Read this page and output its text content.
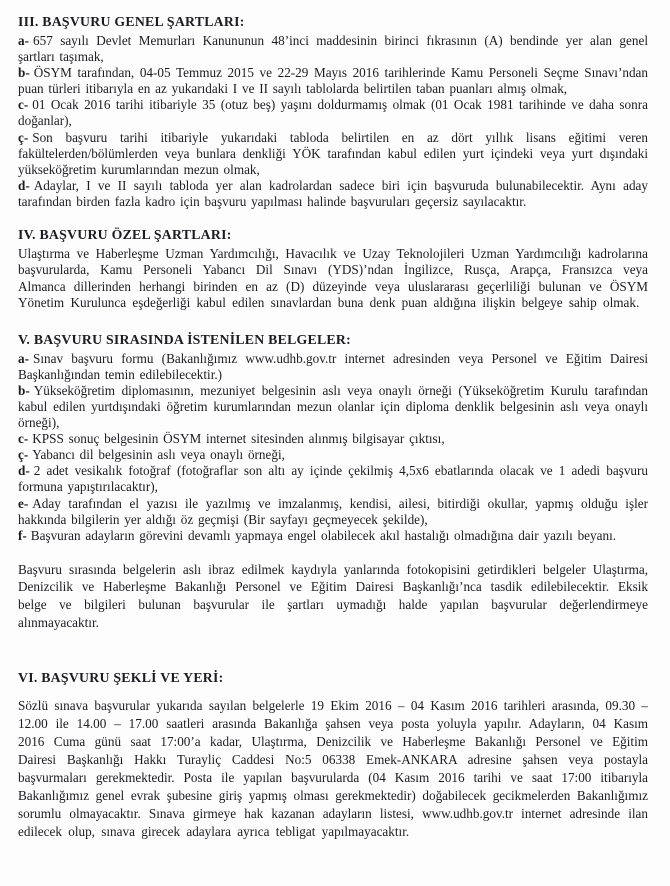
III. BAŞVURU GENEL ŞARTLARI:

a- 657 sayılı Devlet Memurları Kanununun 48’inci maddesinin birinci fıkrasının (A) bendinde yer alan genel şartları taşımak,

b- ÖSYM tarafından, 04-05 Temmuz 2015 ve 22-29 Mayıs 2016 tarihlerinde Kamu Personeli Seçme Sınavı’ndan puan türleri itibarıyla en az yukarıdaki I ve II sayılı tablolarda belirtilen taban puanları almış olmak,

c- 01 Ocak 2016 tarihi itibariyle 35 (otuz beş) yaşını doldurmamış olmak (01 Ocak 1981 tarihinde ve daha sonra doğanlar),

ç- Son başvuru tarihi itibariyle yukarıdaki tabloda belirtilen en az dört yıllık lisans eğitimi veren fakültelerden/bölümlerden veya bunlara denkliği YÖK tarafından kabul edilen yurt içindeki veya yurt dışındaki yükseköğretim kurumlarından mezun olmak,

d- Adaylar, I ve II sayılı tabloda yer alan kadrolardan sadece biri için başvuruda bulunabilecektir. Aynı aday tarafından birden fazla kadro için başvuru yapılması halinde başvuruları geçersiz sayılacaktır.

IV. BAŞVURU ÖZEL ŞARTLARI:

Ulaştırma ve Haberleşme Uzman Yardımcılığı, Havacılık ve Uzay Teknolojileri Uzman Yardımcılığı kadrolarına başvurularda, Kamu Personeli Yabancı Dil Sınavı (YDS)’ndan İngilizce, Rusça, Arapça, Fransızca veya Almanca dillerinden herhangi birinden en az (D) düzeyinde veya uluslararası geçerliliği bulunan ve ÖSYM Yönetim Kurulunca eşdeğerliği kabul edilen sınavlardan buna denk puan aldığına ilişkin belgeye sahip olmak.

V. BAŞVURU SIRASINDA İSTENİLEN BELGELER:

a- Sınav başvuru formu (Bakanlığımız www.udhb.gov.tr internet adresinden veya Personel ve Eğitim Dairesi Başkanlığından temin edilebilecektir.)

b- Yükseköğretim diplomasının, mezuniyet belgesinin aslı veya onaylı örneği (Yükseköğretim Kurulu tarafından kabul edilen yurtdışındaki öğretim kurumlarından mezun olanlar için diploma denklik belgesinin aslı veya onaylı örneği),

c- KPSS sonuç belgesinin ÖSYM internet sitesinden alınmış bilgisayar çıktısı,

ç- Yabancı dil belgesinin aslı veya onaylı örneği,

d- 2 adet vesikalık fotoğraf (fotoğraflar son altı ay içinde çekilmiş 4,5x6 ebatlarında olacak ve 1 adedi başvuru formuna yapıştırılacaktır),

e- Aday tarafından el yazısı ile yazılmış ve imzalanmış, kendisi, ailesi, bitirdiği okullar, yapmış olduğu işler hakkında bilgilerin yer aldığı öz geçmişi (Bir sayfayı geçmeyecek şekilde),

f- Başvuran adayların görevini devamlı yapmaya engel olabilecek akıl hastalığı olmadığına dair yazılı beyanı.

Başvuru sırasında belgelerin aslı ibraz edilmek kaydıyla yanlarında fotokopisini getirdikleri belgeler Ulaştırma, Denizcilik ve Haberleşme Bakanlığı Personel ve Eğitim Dairesi Başkanlığı’nca tasdik edilebilecektir. Eksik belge ve bilgileri bulunan başvurular ile şartları uymadığı halde yapılan başvurular değerlendirmeye alınmayacaktır.

VI. BAŞVURU ŞEKLİ VE YERİ:

Sözlü sınava başvurular yukarıda sayılan belgelerle 19 Ekim 2016 – 04 Kasım 2016 tarihleri arasında, 09.30 – 12.00 ile 14.00 – 17.00 saatleri arasında Bakanlığa şahsen veya posta yoluyla yapılır. Adayların, 04 Kasım 2016 Cuma günü saat 17:00’a kadar, Ulaştırma, Denizcilik ve Haberleşme Bakanlığı Personel ve Eğitim Dairesi Başkanlığı Hakkı Turayliç Caddesi No:5 06338 Emek-ANKARA adresine şahsen veya postayla başvurmaları gerekmektedir. Posta ile yapılan başvurularda (04 Kasım 2016 tarihi ve saat 17:00 itibarıyla Bakanlığımız genel evrak şubesine giriş yapmış olması gerekmektedir) doğabilecek gecikmelerden Bakanlığımız sorumlu olmayacaktır. Sınava girmeye hak kazanan adayların listesi, www.udhb.gov.tr internet adresinde ilan edilecek olup, sınava girecek adaylara ayrıca tebligat yapılmayacaktır.
